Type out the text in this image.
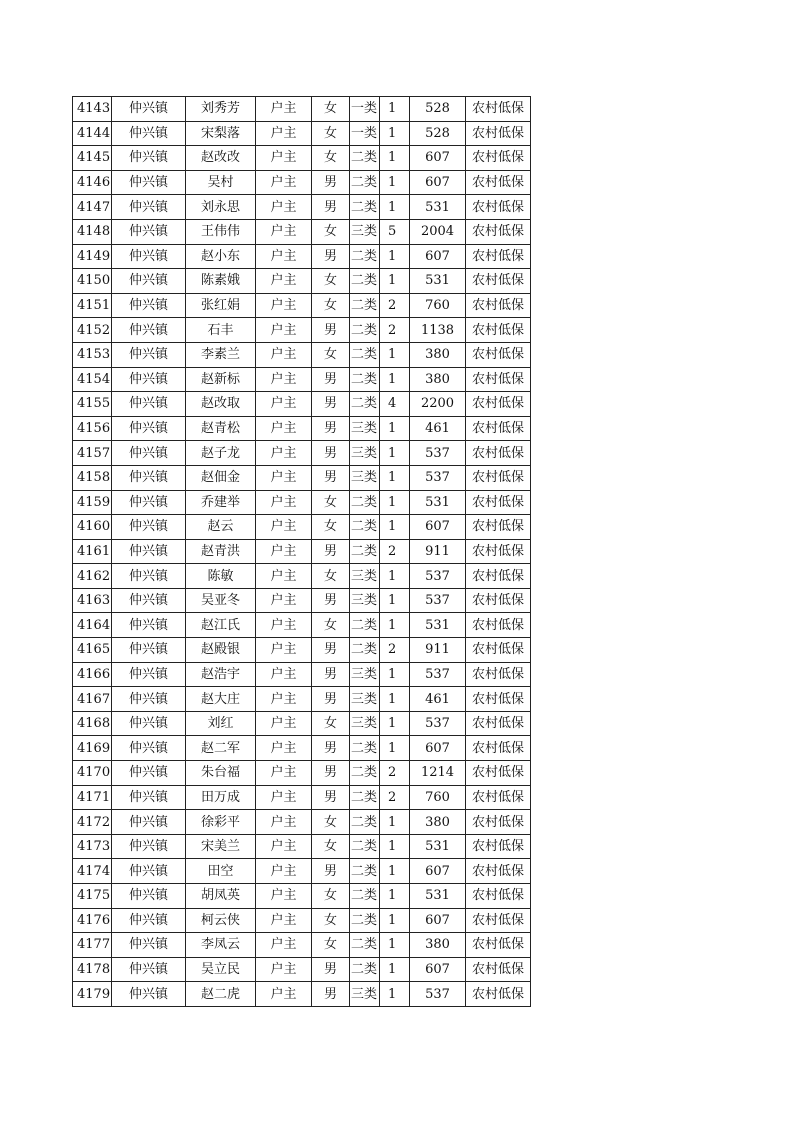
4143	仲兴镇	刘秀芳	户主	女	一类	1	528	农村低保
4144	仲兴镇	宋梨落	户主	女	一类	1	528	农村低保
4145	仲兴镇	赵改改	户主	女	二类	1	607	农村低保
4146	仲兴镇	吴村	户主	男	二类	1	607	农村低保
4147	仲兴镇	刘永思	户主	男	二类	1	531	农村低保
4148	仲兴镇	王伟伟	户主	女	三类	5	2004	农村低保
4149	仲兴镇	赵小东	户主	男	二类	1	607	农村低保
4150	仲兴镇	陈素娥	户主	女	二类	1	531	农村低保
4151	仲兴镇	张红娟	户主	女	二类	2	760	农村低保
4152	仲兴镇	石丰	户主	男	二类	2	1138	农村低保
4153	仲兴镇	李素兰	户主	女	二类	1	380	农村低保
4154	仲兴镇	赵新标	户主	男	二类	1	380	农村低保
4155	仲兴镇	赵改取	户主	男	二类	4	2200	农村低保
4156	仲兴镇	赵青松	户主	男	三类	1	461	农村低保
4157	仲兴镇	赵子龙	户主	男	三类	1	537	农村低保
4158	仲兴镇	赵佃金	户主	男	三类	1	537	农村低保
4159	仲兴镇	乔建举	户主	女	二类	1	531	农村低保
4160	仲兴镇	赵云	户主	女	二类	1	607	农村低保
4161	仲兴镇	赵青洪	户主	男	二类	2	911	农村低保
4162	仲兴镇	陈敏	户主	女	三类	1	537	农村低保
4163	仲兴镇	吴亚冬	户主	男	三类	1	537	农村低保
4164	仲兴镇	赵江氏	户主	女	二类	1	531	农村低保
4165	仲兴镇	赵殿银	户主	男	二类	2	911	农村低保
4166	仲兴镇	赵浩宇	户主	男	三类	1	537	农村低保
4167	仲兴镇	赵大庄	户主	男	三类	1	461	农村低保
4168	仲兴镇	刘红	户主	女	三类	1	537	农村低保
4169	仲兴镇	赵二军	户主	男	二类	1	607	农村低保
4170	仲兴镇	朱台福	户主	男	二类	2	1214	农村低保
4171	仲兴镇	田万成	户主	男	二类	2	760	农村低保
4172	仲兴镇	徐彩平	户主	女	二类	1	380	农村低保
4173	仲兴镇	宋美兰	户主	女	二类	1	531	农村低保
4174	仲兴镇	田空	户主	男	二类	1	607	农村低保
4175	仲兴镇	胡凤英	户主	女	二类	1	531	农村低保
4176	仲兴镇	柯云侠	户主	女	二类	1	607	农村低保
4177	仲兴镇	李凤云	户主	女	二类	1	380	农村低保
4178	仲兴镇	吴立民	户主	男	二类	1	607	农村低保
4179	仲兴镇	赵二虎	户主	男	三类	1	537	农村低保
